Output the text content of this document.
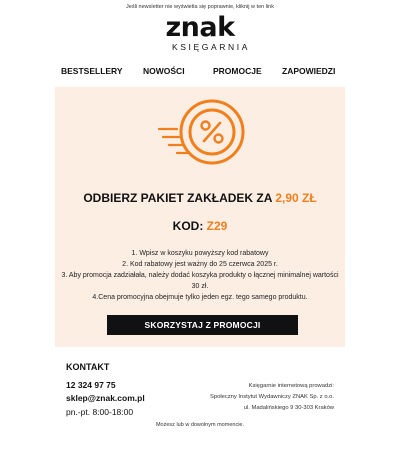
Jeśli newsletter nie wyświetla się poprawnie, kliknij w ten link
znak
KSIĘGARNIA
BESTSELLERY NOWOŚCI	PROMOCJE ZAPOWIEDZI
ODBIERZ PAKIET ZAKŁADEK ZA 2,90 ZŁ
KOD: Z29
1. Wpisz w koszyku powyższy kod rabatowy
2. Kod rabatowy jest ważny do 25 czerwca 2025 r.
3. Aby promocja zadziałała, należy dodać koszyka produkty o łącznej minimalnej wartości 30 zł.
4.Cena promocyjna obejmuje tylko jeden egz. tego samego produktu.
SKORZYSTAJ Z PROMOCJI
KONTAKT
12 324 97 75
sklep@znak.com.pl
pn.-pt. 8:00-18:00
Księgarnie internetową prowadzi:
Społeczny Instytut Wydawniczy ZNAK Sp. z o.o.
ul. Madalińskiego 9 30-303 Kraków
Możesz lub w dowolnym momencie.
